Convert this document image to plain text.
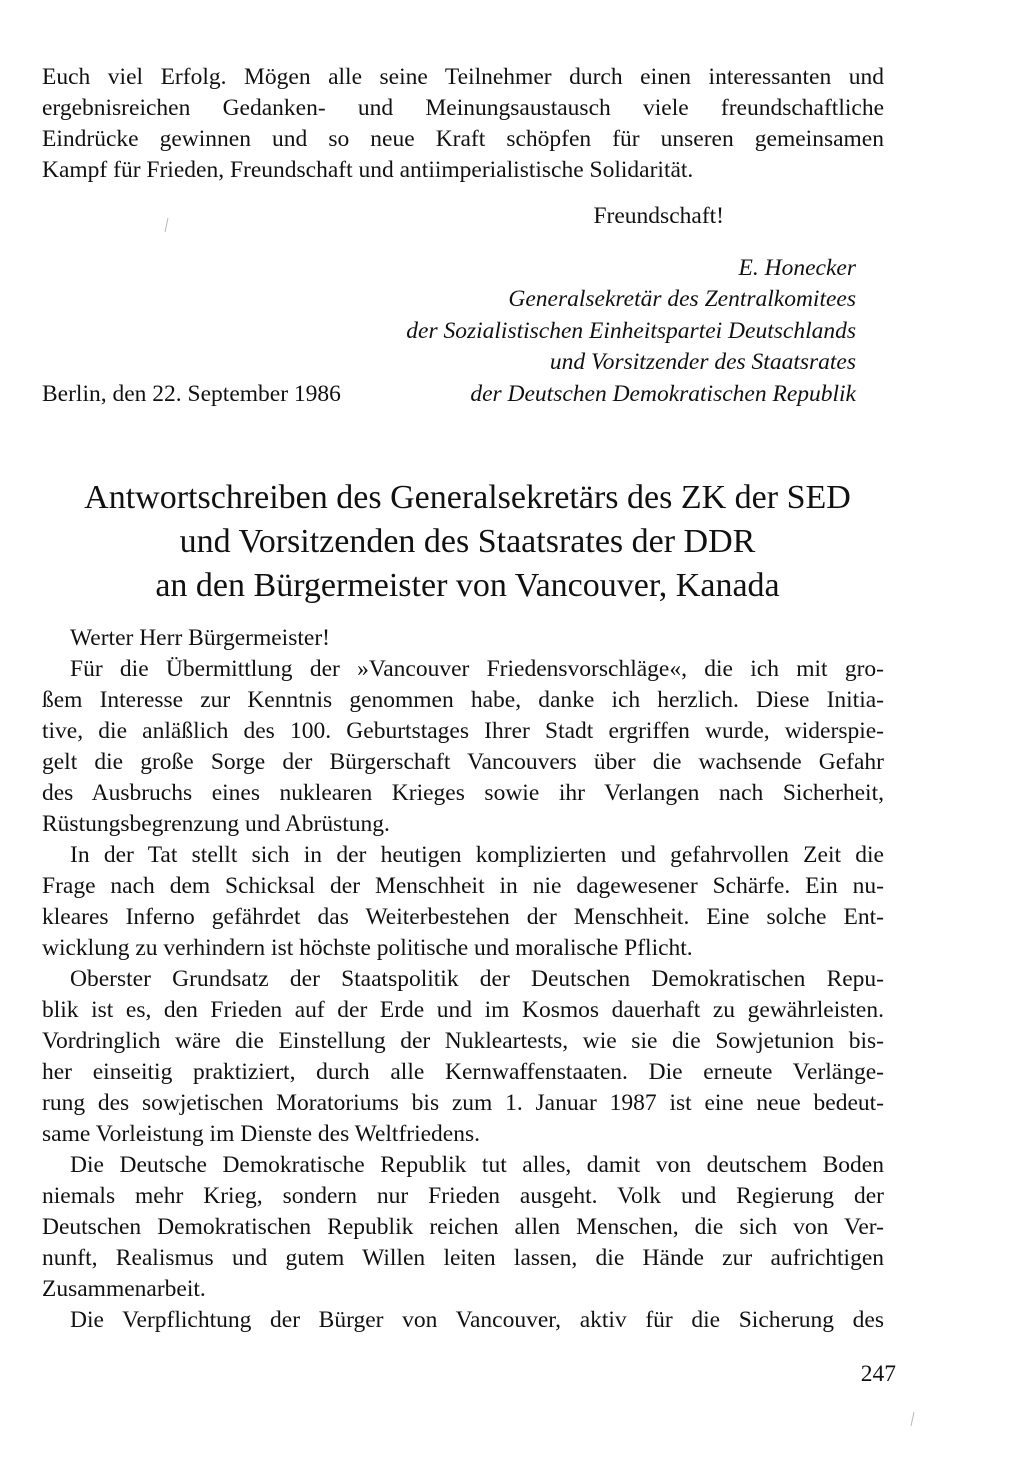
Euch viel Erfolg. Mögen alle seine Teilnehmer durch einen interessanten und
ergebnisreichen Gedanken- und Meinungsaustausch viele freundschaftliche
Eindrücke gewinnen und so neue Kraft schöpfen für unseren gemeinsamen
Kampf für Frieden, Freundschaft und antiimperialistische Solidarität.
Freundschaft!
E. Honecker
Generalsekretär des Zentralkomitees
der Sozialistischen Einheitspartei Deutschlands
und Vorsitzender des Staatsrates
der Deutschen Demokratischen Republik
Berlin, den 22. September 1986
Antwortschreiben des Generalsekretärs des ZK der SED
und Vorsitzenden des Staatsrates der DDR
an den Bürgermeister von Vancouver, Kanada
Werter Herr Bürgermeister!
Für die Übermittlung der »Vancouver Friedensvorschläge«, die ich mit gro-
ßem Interesse zur Kenntnis genommen habe, danke ich herzlich. Diese Initia-
tive, die anläßlich des 100. Geburtstages Ihrer Stadt ergriffen wurde, widerspie-
gelt die große Sorge der Bürgerschaft Vancouvers über die wachsende Gefahr
des Ausbruchs eines nuklearen Krieges sowie ihr Verlangen nach Sicherheit,
Rüstungsbegrenzung und Abrüstung.
In der Tat stellt sich in der heutigen komplizierten und gefahrvollen Zeit die
Frage nach dem Schicksal der Menschheit in nie dagewesener Schärfe. Ein nu-
kleares Inferno gefährdet das Weiterbestehen der Menschheit. Eine solche Ent-
wicklung zu verhindern ist höchste politische und moralische Pflicht.
Oberster Grundsatz der Staatspolitik der Deutschen Demokratischen Repu-
blik ist es, den Frieden auf der Erde und im Kosmos dauerhaft zu gewährleisten.
Vordringlich wäre die Einstellung der Nukleartests, wie sie die Sowjetunion bis-
her einseitig praktiziert, durch alle Kernwaffenstaaten. Die erneute Verlänge-
rung des sowjetischen Moratoriums bis zum 1. Januar 1987 ist eine neue bedeut-
same Vorleistung im Dienste des Weltfriedens.
Die Deutsche Demokratische Republik tut alles, damit von deutschem Boden
niemals mehr Krieg, sondern nur Frieden ausgeht. Volk und Regierung der
Deutschen Demokratischen Republik reichen allen Menschen, die sich von Ver-
nunft, Realismus und gutem Willen leiten lassen, die Hände zur aufrichtigen
Zusammenarbeit.
Die Verpflichtung der Bürger von Vancouver, aktiv für die Sicherung des
247
